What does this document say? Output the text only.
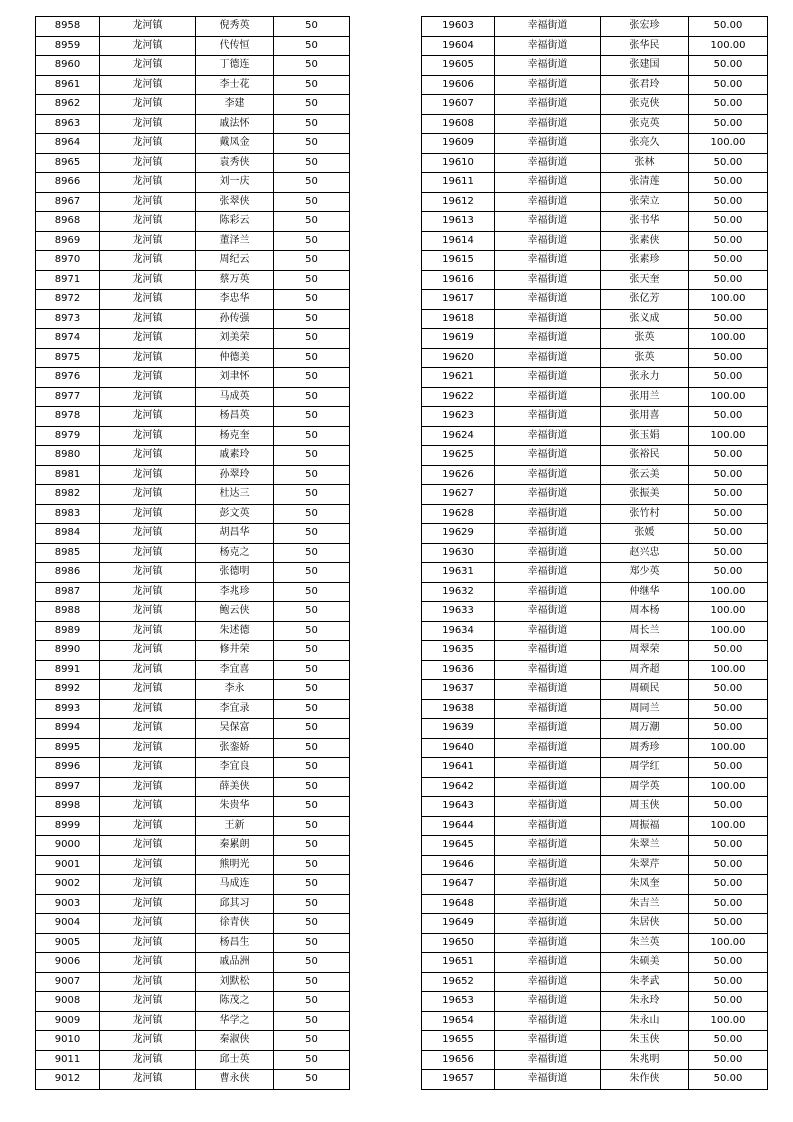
8958	龙河镇	倪秀英	50
8959	龙河镇	代传恒	50
8960	龙河镇	丁德连	50
8961	龙河镇	李士花	50
8962	龙河镇	李建	50
8963	龙河镇	戚法怀	50
8964	龙河镇	戴凤金	50
8965	龙河镇	袁秀侠	50
8966	龙河镇	刘一庆	50
8967	龙河镇	张翠侠	50
8968	龙河镇	陈彩云	50
8969	龙河镇	董泽兰	50
8970	龙河镇	周纪云	50
8971	龙河镇	蔡万英	50
8972	龙河镇	李忠华	50
8973	龙河镇	孙传强	50
8974	龙河镇	刘美荣	50
8975	龙河镇	仲德美	50
8976	龙河镇	刘聿怀	50
8977	龙河镇	马成英	50
8978	龙河镇	杨昌英	50
8979	龙河镇	杨克奎	50
8980	龙河镇	戚素玲	50
8981	龙河镇	孙翠玲	50
8982	龙河镇	杜达三	50
8983	龙河镇	彭文英	50
8984	龙河镇	胡昌华	50
8985	龙河镇	杨克之	50
8986	龙河镇	张德明	50
8987	龙河镇	李兆珍	50
8988	龙河镇	鲍云侠	50
8989	龙河镇	朱述德	50
8990	龙河镇	修井荣	50
8991	龙河镇	李宜喜	50
8992	龙河镇	李永	50
8993	龙河镇	李宜录	50
8994	龙河镇	吴保富	50
8995	龙河镇	张銮娇	50
8996	龙河镇	李宜良	50
8997	龙河镇	薛美侠	50
8998	龙河镇	朱贵华	50
8999	龙河镇	王新	50
9000	龙河镇	秦累朗	50
9001	龙河镇	熊明光	50
9002	龙河镇	马成连	50
9003	龙河镇	邱其习	50
9004	龙河镇	徐青侠	50
9005	龙河镇	杨昌生	50
9006	龙河镇	戚品洲	50
9007	龙河镇	刘默松	50
9008	龙河镇	陈茂之	50
9009	龙河镇	华学之	50
9010	龙河镇	秦淑侠	50
9011	龙河镇	邱士英	50
9012	龙河镇	曹永侠	50
19603	幸福街道	张宏珍	50.00
19604	幸福街道	张华民	100.00
19605	幸福街道	张建国	50.00
19606	幸福街道	张君玲	50.00
19607	幸福街道	张克侠	50.00
19608	幸福街道	张克英	50.00
19609	幸福街道	张亮久	100.00
19610	幸福街道	张林	50.00
19611	幸福街道	张清莲	50.00
19612	幸福街道	张荣立	50.00
19613	幸福街道	张书华	50.00
19614	幸福街道	张素侠	50.00
19615	幸福街道	张素珍	50.00
19616	幸福街道	张天奎	50.00
19617	幸福街道	张亿芳	100.00
19618	幸福街道	张义成	50.00
19619	幸福街道	张英	100.00
19620	幸福街道	张英	50.00
19621	幸福街道	张永力	50.00
19622	幸福街道	张用兰	100.00
19623	幸福街道	张用喜	50.00
19624	幸福街道	张玉娟	100.00
19625	幸福街道	张裕民	50.00
19626	幸福街道	张云美	50.00
19627	幸福街道	张振美	50.00
19628	幸福街道	张竹村	50.00
19629	幸福街道	张媛	50.00
19630	幸福街道	赵兴忠	50.00
19631	幸福街道	郑少英	50.00
19632	幸福街道	仲继华	100.00
19633	幸福街道	周本杨	100.00
19634	幸福街道	周长兰	100.00
19635	幸福街道	周翠荣	50.00
19636	幸福街道	周齐超	100.00
19637	幸福街道	周硕民	50.00
19638	幸福街道	周同兰	50.00
19639	幸福街道	周万潮	50.00
19640	幸福街道	周秀珍	100.00
19641	幸福街道	周学红	50.00
19642	幸福街道	周学英	100.00
19643	幸福街道	周玉侠	50.00
19644	幸福街道	周振福	100.00
19645	幸福街道	朱翠兰	50.00
19646	幸福街道	朱翠芹	50.00
19647	幸福街道	朱凤奎	50.00
19648	幸福街道	朱吉兰	50.00
19649	幸福街道	朱居侠	50.00
19650	幸福街道	朱兰英	100.00
19651	幸福街道	朱硕美	50.00
19652	幸福街道	朱孝武	50.00
19653	幸福街道	朱永玲	50.00
19654	幸福街道	朱永山	100.00
19655	幸福街道	朱玉侠	50.00
19656	幸福街道	朱兆明	50.00
19657	幸福街道	朱作侠	50.00
